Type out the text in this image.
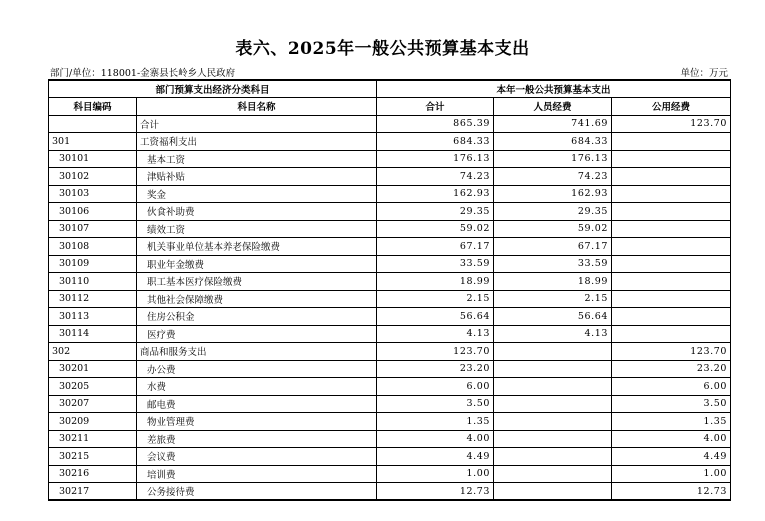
表六、2025年一般公共预算基本支出
部门/单位：118001-金寨县长岭乡人民政府	单位：万元
部门预算支出经济分类科目		本年一般公共预算基本支出		
科目编码	科目名称	合计	人员经费	公用经费
	合计	865.39	741.69	123.70
301	工资福利支出	684.33	684.33	
30101	基本工资	176.13	176.13	
30102	津贴补贴	74.23	74.23	
30103	奖金	162.93	162.93	
30106	伙食补助费	29.35	29.35	
30107	绩效工资	59.02	59.02	
30108	机关事业单位基本养老保险缴费	67.17	67.17	
30109	职业年金缴费	33.59	33.59	
30110	职工基本医疗保险缴费	18.99	18.99	
30112	其他社会保障缴费	2.15	2.15	
30113	住房公积金	56.64	56.64	
30114	医疗费	4.13	4.13	
302	商品和服务支出	123.70		123.70
30201	办公费	23.20		23.20
30205	水费	6.00		6.00
30207	邮电费	3.50		3.50
30209	物业管理费	1.35		1.35
30211	差旅费	4.00		4.00
30215	会议费	4.49		4.49
30216	培训费	1.00		1.00
30217	公务接待费	12.73		12.73
